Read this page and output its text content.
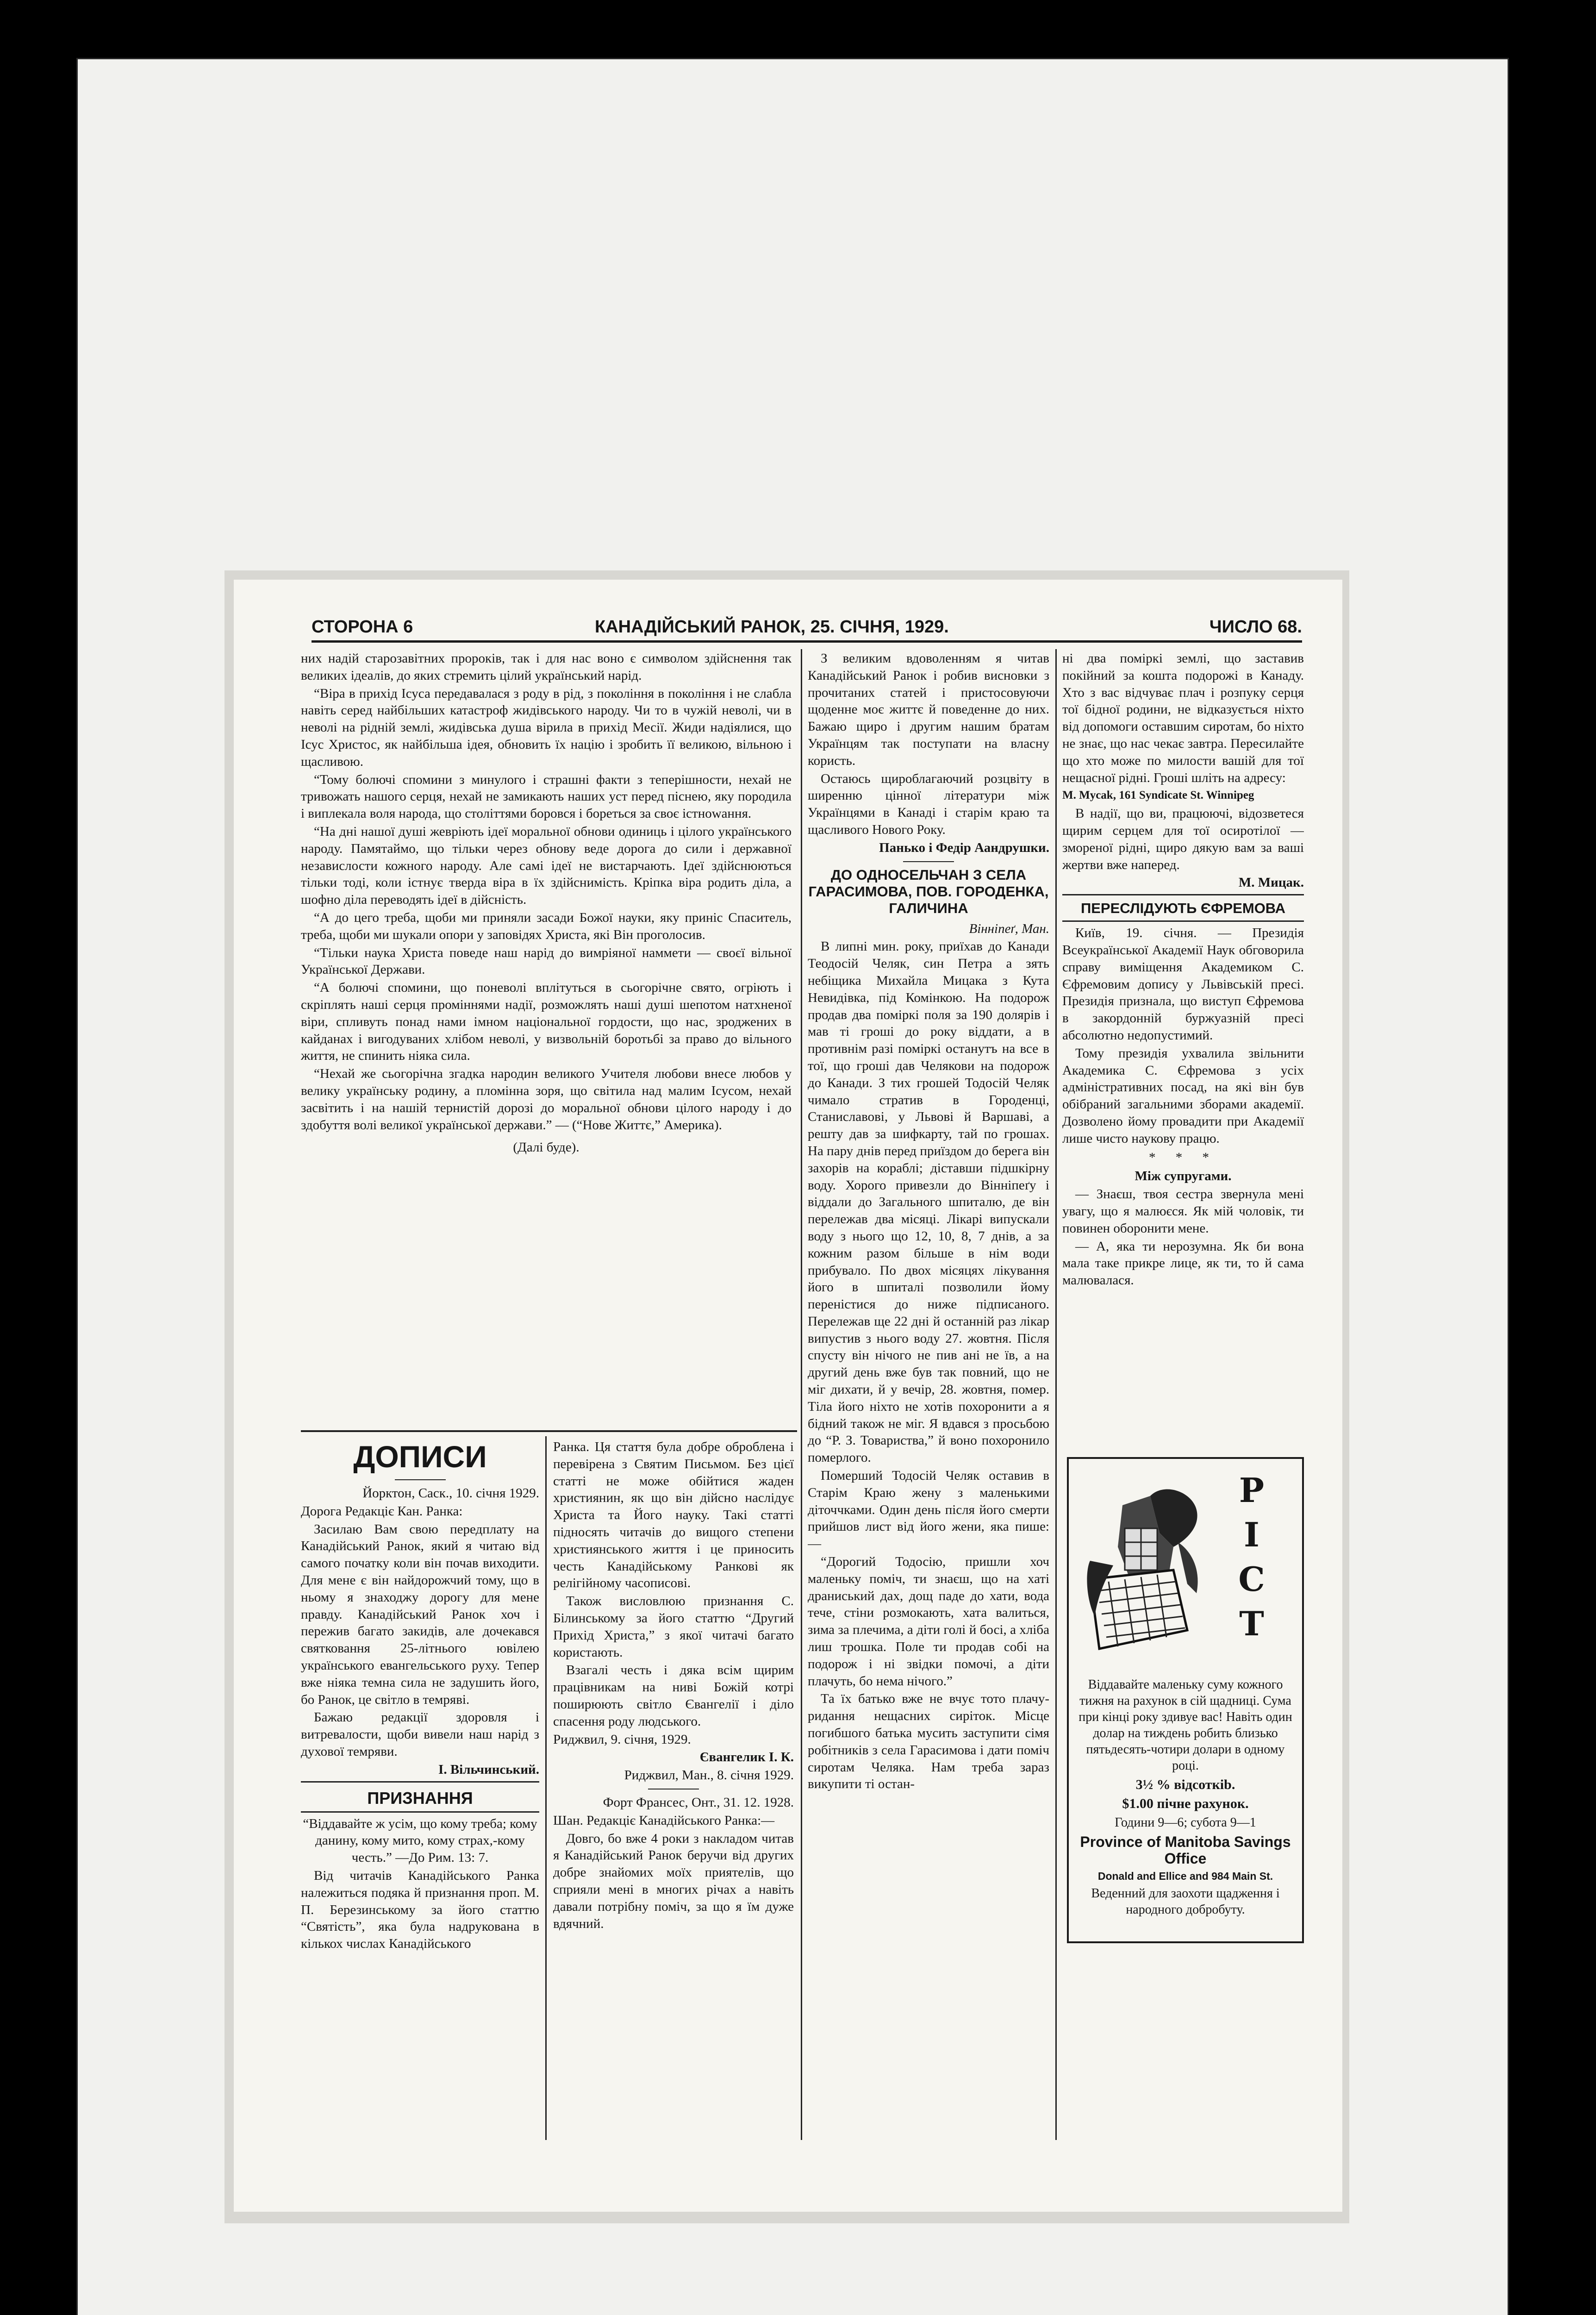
СТОРОНА 6	КАНАДІЙСЬКИЙ РАНОК, 25. СІЧНЯ, 1929.	ЧИСЛО 68.

них надій старозавітних пророків, так і для нас воно є символом здійснення так великих ідеалів, до яких стремить цілий український нарід.

“Віра в прихід Ісуса передавалася з роду в рід, з покоління в покоління і не слабла навіть серед найбільших катастроф жидівського народу. Чи то в чужій неволі, чи в неволі на рідній землі, жидівська душа вірила в прихід Месії. Жиди надіялися, що Ісус Христос, як найбільша ідея, обновить їх націю і зробить її великою, вільною і щасливою.

“Тому болючі спомини з минулого і страшні факти з теперішности, нехай не тривожать нашого серця, нехай не замикають наших уст перед піснею, яку породила і виплекала воля народа, що століттями боровся і бореться за своє істнowання.

“На дні нашої душі жевріють ідеї моральної обнови одиниць і цілого українського народу. Памятаймо, що тільки через обнову веде дорога до сили і державної независлости кожного народу. Але самі ідеї не вистарчають. Ідеї здійснюються тільки тоді, коли істнує тверда віра в їх здійснимість. Кріпка віра родить діла, а шофно діла переводять ідеї в дійсність.

“А до цего треба, щоби ми приняли засади Божої науки, яку приніс Спаситель, треба, щоби ми шукали опори у заповідях Христа, які Він проголосив.

“Тільки наука Христа поведе наш нарід до вимріяної наммети — своєї вільної Української Держави.

“А болючі спомини, що поневолі вплітуться в сьогорічне свято, огріють і скріплять наші серця проміннями надії, розможлять наші душі шепотом натхненої віри, спливуть понад нами імном національної гордости, що нас, зроджених в кайданах і вигодуваних хлібом неволі, у визвольній боротьбі за право до вільного життя, не спинить ніяка сила.

“Нехай же сьогорічна згадка народин великого Учителя любови внесе любов у велику українську родину, а пломінна зоря, що світила над малим Ісусом, нехай засвітить і на нашій тернистій дорозі до моральної обнови цілого народу і до здобуття волі великої української держави.” — (“Нове Життє,” Америка).

(Далі буде).

З великим вдоволенням я читав Канадійський Ранок і робив висновки з прочитаних статей і пристосовуючи щоденне моє життє й поведенне до них. Бажаю щиро і другим нашим братам Українцям так поступати на власну користь.

Остаюсь щироблагаючий розцвіту в ширенню цінної літератури між Українцями в Канаді і старім краю та щасливого Нового Року.

Панько і Федір Аандрушки.

ДО ОДНОСЕЛЬЧАН З СЕЛА ГАРАСИМОВА, ПОВ. ГОРОДЕНКА, ГАЛИЧИНА

Вінніпеґ, Ман.

В липні мин. року, приїхав до Канади Теодосій Челяк, син Петра а зять небіщика Михайла Мицака з Кута Невидівка, під Комінкою. На подорож продав два поміркі поля за 190 долярів і мав ті гроші до року віддати, а в противнім разі поміркі останутъ на все в тої, що гроші дав Челякови на подорож до Канади. З тих грошей Тодосій Челяк чимало стратив в Городенці, Станиславові, у Львові й Варшаві, а решту дав за шифкарту, тай по грошах. На пару днів перед приїздом до берега він захорів на кораблі; діставши підшкірну воду. Хорого привезли до Вінніпеґу і віддали до Загального шпиталю, де він перележав два місяці. Лікарі випускали воду з нього що 12, 10, 8, 7 днів, а за кожним разом більше в нім води прибувало. По двох місяцях лікування його в шпиталі позволили йому переністися до ниже підписаного. Перележав ще 22 дні й останній раз лікар випустив з нього воду 27. жовтня. Після спусту він нічого не пив ані не їв, а на другий день вже був так повний, що не міг дихати, й у вечір, 28. жовтня, помер. Тіла його ніхто не хотів похоронити а я бідний також не міг. Я вдався з просьбою до “Р. З. Товариства,” й воно похоронило померлого.

Померший Тодосій Челяк оставив в Старім Краю жену з маленькими діточчками. Один день після його смерти прийшов лист від його жени, яка пише: —

“Дорогий Тодосію, пришли хоч маленьку поміч, ти знаєш, що на хаті драниський дах, дощ паде до хати, вода тече, стіни розмокають, хата валиться, зима за плечима, а діти голі й босі, а хліба лиш трошка. Поле ти продав собі на подорож і ні звідки помочі, а діти плачуть, бо нема нічого.”

Та їх батько вже не вчує тото плачу-ридання нещасних сиріток. Місце погибшого батька мусить заступити сімя робітників з села Гарасимова і дати поміч сиротам Челяка. Нам треба зараз викупити ті остан-

ні два поміркі землі, що заставив покійний за кошта подорожі в Канаду. Хто з вас відчуває плач і розпуку серця тої бідної родини, не відказується ніхто від допомоги оставшим сиротам, бо ніхто не знає, що нас чекає завтра. Пересилайте що хто може по милости вашій для тої нещасної рідні. Гроші шліть на адресу:

M. Mycak, 161 Syndicate St. Winnipeg

В надії, що ви, працюючі, відозветеся щирим серцем для тої осиротілої — змореної рідні, щиро дякую вам за ваші жертви вже наперед.

М. Мицак.

ПЕРЕСЛІДУЮТЬ ЄФРЕМОВА

Київ, 19. січня. — Президія Всеукраїнської Академії Наук обговорила справу виміщення Академиком С. Єфремовим допису у Львівській пресі. Президія признала, що виступ Єфремова в закордонній буржуазній пресі абсолютно недопустимий.

Тому президія ухвалила звільнити Академика С. Єфремова з усіх адміністративних посад, на які він був обібраний загальними зборами академії. Дозволено йому провадити при Академії лише чисто наукову працю.

* * *

Між супругами.

— Знаєш, твоя сестра звернула мені увагу, що я малюєся. Як мій чоловік, ти повинен оборонити мене.

— А, яка ти нерозумна. Як би вона мала таке прикре лице, як ти, то й сама малювалася.

Р
І
С
Т

Віддавайте маленьку суму кожного тижня на рахунок в сій щадниці. Сума при кінці року здивуе вас! Навіть один долар на тиждень робить близько пятьдесять-чотири долари в одному році.

3½ % відсоткіb.

$1.00 пічне рахунок.

Години 9—6; субота 9—1

Province of Manitoba Savings Office

Donald and Ellice and 984 Main St.

Веденний для заохоти щадження і народного добробуту.

ДОПИСИ

Йорктон, Саск., 10. січня 1929.

Дорога Редакціє Кан. Ранка:

Засилаю Вам свою передплату на Канадійський Ранок, який я читаю від самого початку коли він почав виходити. Для мене є він найдорожчий тому, що в ньому я знаходжу дорогу для мене правду. Канадійський Ранок хоч і пережив багато закидів, але дочекався святковання 25-літнього ювілею українського евангельського руху. Тепер вже ніяка темна сила не задушить його, бо Ранок, це світло в темряві.

Бажаю редакції здоровля і витревалости, щоби вивели наш нарід з духової темряви.

І. Вільчинський.

ПРИЗНАННЯ

“Віддавайте ж усім, що кому треба; кому данину, кому мито, кому страх,-кому честь.” —До Рим. 13: 7.

Від читачів Канадійського Ранка належиться подяка й признання проп. М. П. Березинському за його статтю “Святість”, яка була надрукована в кількох числах Канадійського

Ранка. Ця стаття була добре оброблена і перевірена з Святим Письмом. Без цієї статті не може обійтися жаден християнин, як що він дійсно наслідує Христа та Його науку. Такі статті підносять читачів до вищого степени християнського життя і це приносить честь Канадійському Ранкові як релігійному часописові.

Також висловлюю признання С. Білинському за його статтю “Другий Прихід Христа,” з якої читачі багато користають.

Взагалі честь і дяка всім щирим працівникам на ниві Божій котрі поширюють світло Євангелії і діло спасення роду людського.

Риджвил, 9. січня, 1929.

Євангелик І. К.

Риджвил, Ман., 8. січня 1929.

Форт Франсес, Онт., 31. 12. 1928.

Шан. Редакціє Канадійського Ранка:—

Довго, бо вже 4 роки з накладом читав я Канадійський Ранок беручи від других добре знайомих моїх приятелів, що сприяли мені в многих річах а навіть давали потрібну поміч, за що я їм дуже вдячний.
